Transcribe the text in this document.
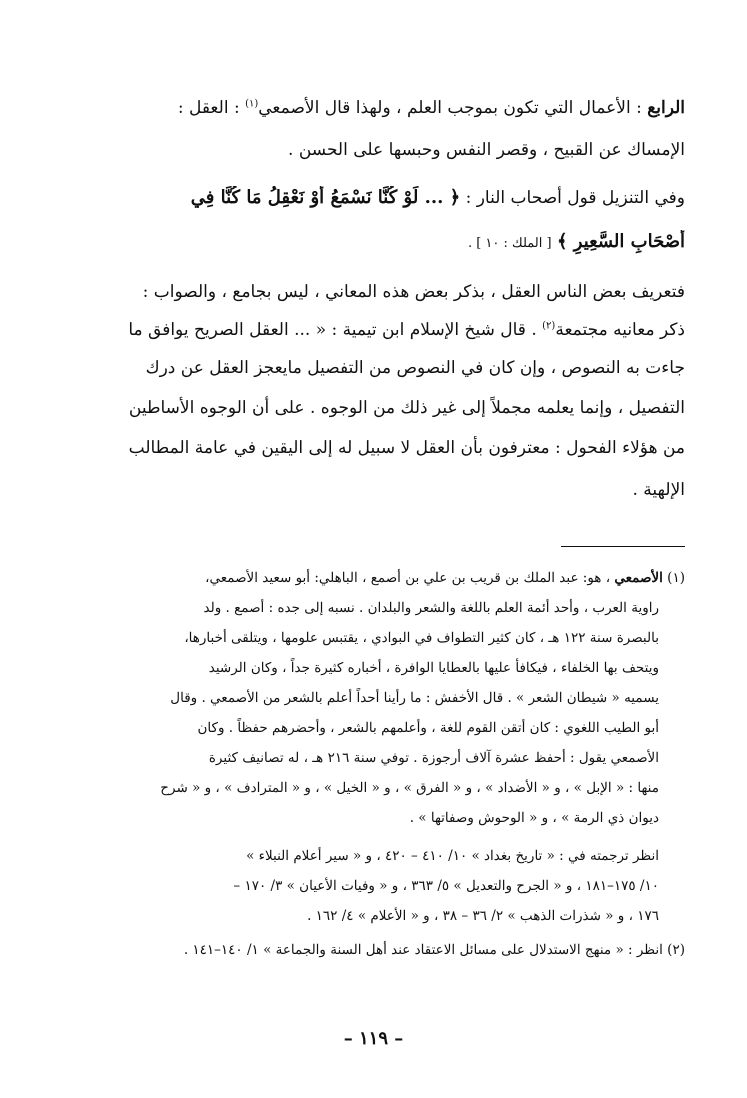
الرابع : الأعمال التي تكون بموجب العلم ، ولهذا قال الأصمعي$^{(١)}$ : العقل :
الإمساك عن القبيح ، وقصر النفس وحبسها على الحسن .
وفي التنزيل قول أصحاب النار : ﴿ ... لَوْ كُنَّا نَسْمَعُ أَوْ نَعْقِلُ مَا كُنَّا فِي
أَصْحَابِ السَّعِيرِ ﴾ [ الملك : ١٠ ] .
فتعريف بعض الناس العقل ، بذكر بعض هذه المعاني ، ليس بجامع ، والصواب :
ذكر معانيه مجتمعة$^{(٢)}$ . قال شيخ الإسلام ابن تيمية : « ... العقل الصريح يوافق ما
جاءت به النصوص ، وإن كان في النصوص من التفصيل مايعجز العقل عن درك
التفصيل ، وإنما يعلمه مجملاً إلى غير ذلك من الوجوه . على أن الوجوه الأساطين
من هؤلاء الفحول : معترفون بأن العقل لا سبيل له إلى اليقين في عامة المطالب
الإلهية .
(١) الأصمعي ، هو: عبد الملك بن قريب بن علي بن أصمع ، الباهلي: أبو سعيد الأصمعي،
راوية العرب ، وأحد أئمة العلم باللغة والشعر والبلدان . نسبه إلى جده : أصمع . ولد
بالبصرة سنة ١٢٢ هـ ، كان كثير التطواف في البوادي ، يقتبس علومها ، ويتلقى أخبارها،
ويتحف بها الخلفاء ، فيكافأ عليها بالعطايا الوافرة ، أخباره كثيرة جداً ، وكان الرشيد
يسميه « شيطان الشعر » . قال الأخفش : ما رأينا أحداً أعلم بالشعر من الأصمعي . وقال
أبو الطيب اللغوي : كان أتقن القوم للغة ، وأعلمهم بالشعر ، وأحضرهم حفظاً . وكان
الأصمعي يقول : أحفظ عشرة آلاف أرجوزة . توفي سنة ٢١٦ هـ ، له تصانيف كثيرة
منها : « الإبل » ، و « الأضداد » ، و « الفرق » ، و « الخيل » ، و « المترادف » ، و « شرح
ديوان ذي الرمة » ، و « الوحوش وصفاتها » .
انظر ترجمته في : « تاريخ بغداد » ١٠/ ٤١٠ – ٤٢٠ ، و « سير أعلام النبلاء »
١٠/ ١٧٥–١٨١ ، و « الجرح والتعديل » ٥/ ٣٦٣ ، و « وفيات الأعيان » ٣/ ١٧٠ –
١٧٦ ، و « شذرات الذهب » ٢/ ٣٦ – ٣٨ ، و « الأعلام » ٤/ ١٦٢ .
(٢) انظر : « منهج الاستدلال على مسائل الاعتقاد عند أهل السنة والجماعة » ١/ ١٤٠–١٤١ .
– ١١٩ –
